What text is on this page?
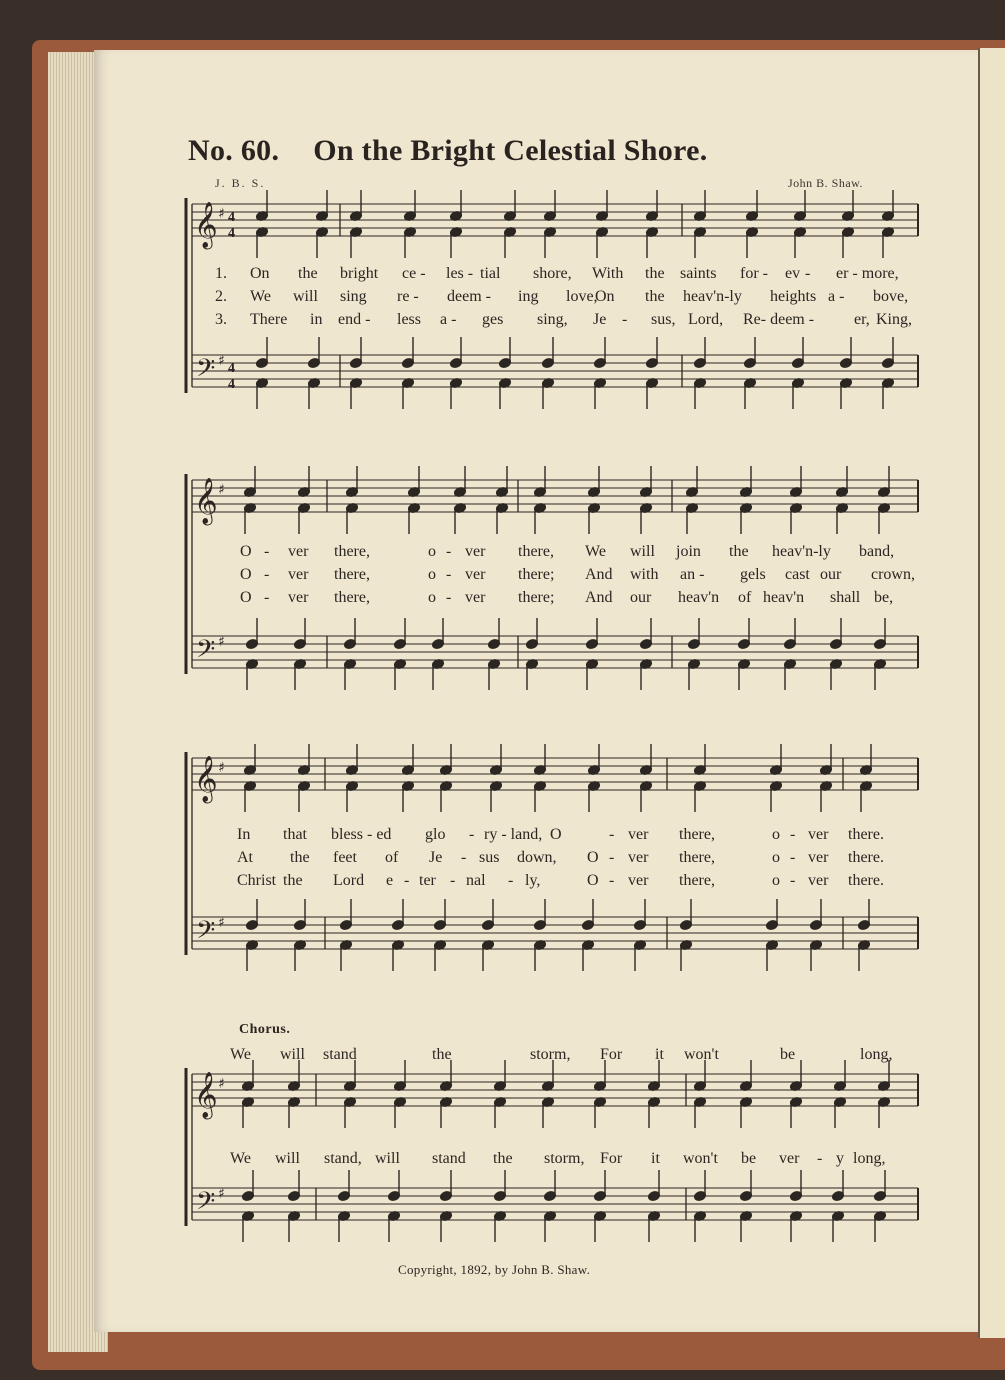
No. 60. On the Bright Celestial Shore.
J. B. S.	John B. Shaw.
𝄞
𝄢
♯
♯
4
4
4
4
𝄞
𝄢
♯
♯
𝄞
𝄢
♯
♯
𝄞
𝄢
♯
♯
1. On the bright ce - les - tial shore, With the saints for - ev - er - more,
2. We will sing re - deem - ing love,
On the heav'n-ly heights a - bove,
3. There in end - less a - ges sing, Je - sus, Lord, Re- deem - er, King,
O - ver there,	o - ver there, We will join the heav'n-ly band,
O - ver there,	o - ver there; And with an - gels cast our crown,
O - ver there,	o - ver there; And our heav'n of heav'n shall be,
In that bless - ed glo - ry - land, O	- ver there,	o - ver there.
At the feet of Je - sus down, O - ver there,	o - ver there.
Christ the Lord e - ter - nal - ly,	O - ver there,	o - ver there.
Chorus.
We will stand	the	storm, For it won't	be	long,
We will stand, will stand the storm, For it won't be ver - y long,
Copyright, 1892, by John B. Shaw.
